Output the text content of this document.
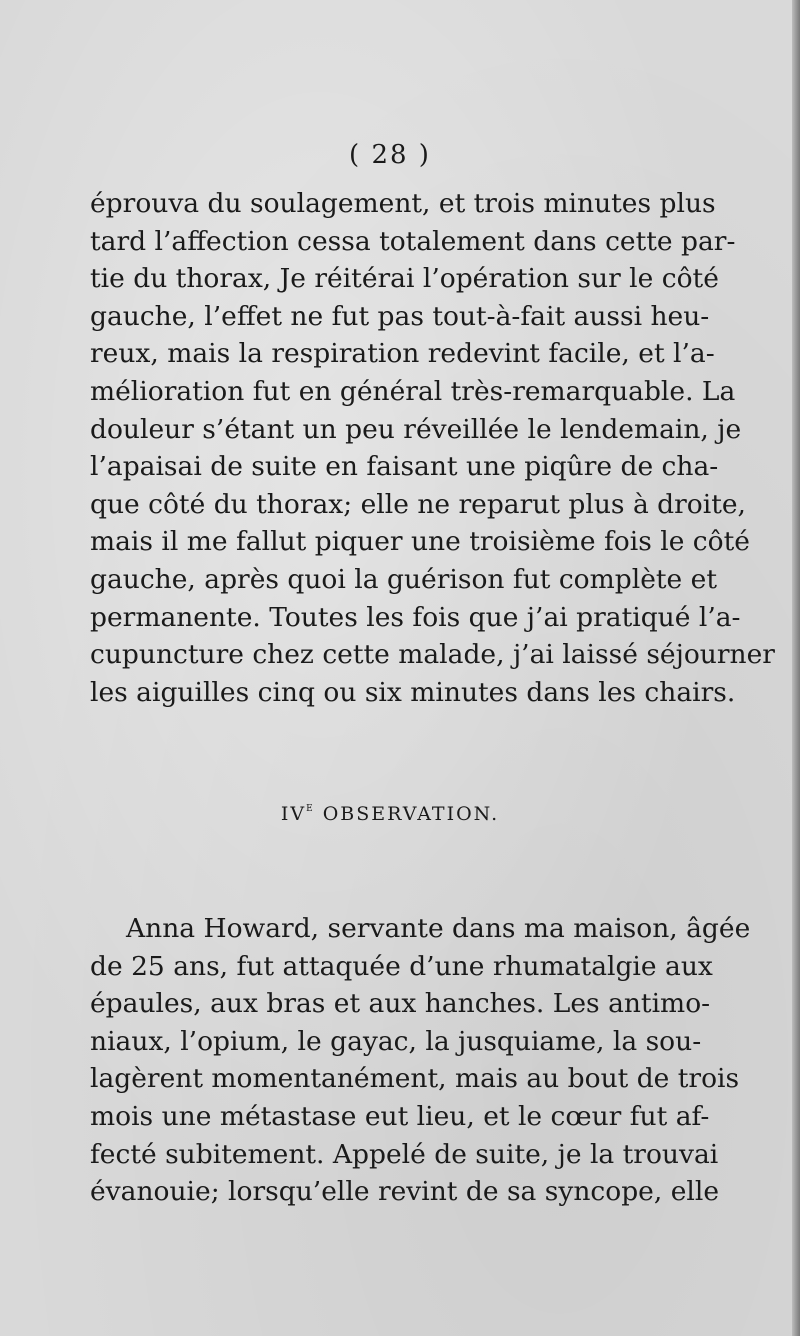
( 28 )
éprouva du soulagement, et trois minutes plus
tard l’affection cessa totalement dans cette par-
tie du thorax, Je réitérai l’opération sur le côté
gauche, l’effet ne fut pas tout-à-fait aussi heu-
reux, mais la respiration redevint facile, et l’a-
mélioration fut en général très-remarquable. La
douleur s’étant un peu réveillée le lendemain, je
l’apaisai de suite en faisant une piqûre de cha-
que côté du thorax; elle ne reparut plus à droite,
mais il me fallut piquer une troisième fois le côté
gauche, après quoi la guérison fut complète et
permanente. Toutes les fois que j’ai pratiqué l’a-
cupuncture chez cette malade, j’ai laissé séjourner
les aiguilles cinq ou six minutes dans les chairs.
IVe OBSERVATION.
Anna Howard, servante dans ma maison, âgée
de 25 ans, fut attaquée d’une rhumatalgie aux
épaules, aux bras et aux hanches. Les antimo-
niaux, l’opium, le gayac, la jusquiame, la sou-
lagèrent momentanément, mais au bout de trois
mois une métastase eut lieu, et le cœur fut af-
fecté subitement. Appelé de suite, je la trouvai
évanouie; lorsqu’elle revint de sa syncope, elle
